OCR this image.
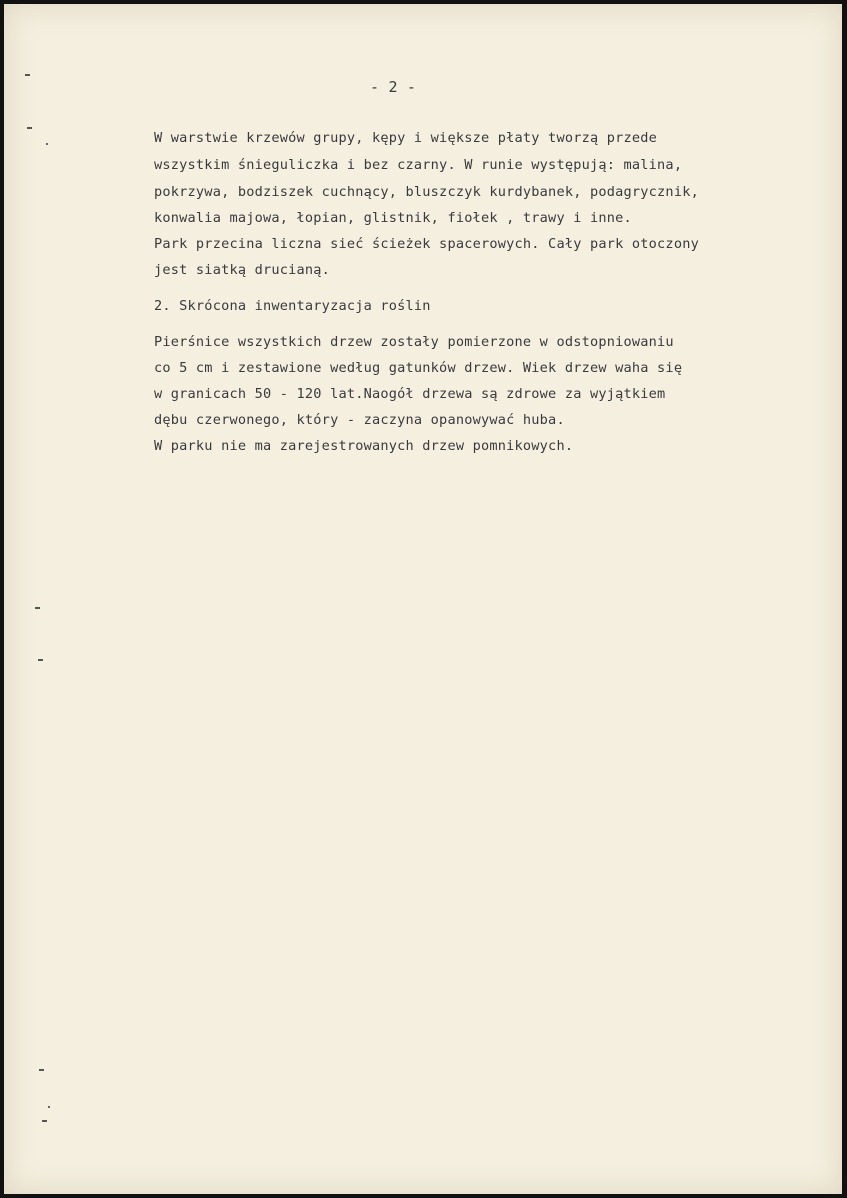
- 2 -
W warstwie krzewów grupy, kępy i większe płaty tworzą przede
wszystkim śnieguliczka i bez czarny. W runie występują: malina,
pokrzywa, bodziszek cuchnący, bluszczyk kurdybanek, podagrycznik,
konwalia majowa, łopian, glistnik, fiołek , trawy i inne.
Park przecina liczna sieć ścieżek spacerowych. Cały park otoczony
jest siatką drucianą.
2. Skrócona inwentaryzacja roślin
Pierśnice wszystkich drzew zostały pomierzone w odstopniowaniu
co 5 cm i zestawione według gatunków drzew. Wiek drzew waha się
w granicach 50 - 120 lat.Naogół drzewa są zdrowe za wyjątkiem
dębu czerwonego, który - zaczyna opanowywać huba.
W parku nie ma zarejestrowanych drzew pomnikowych.
